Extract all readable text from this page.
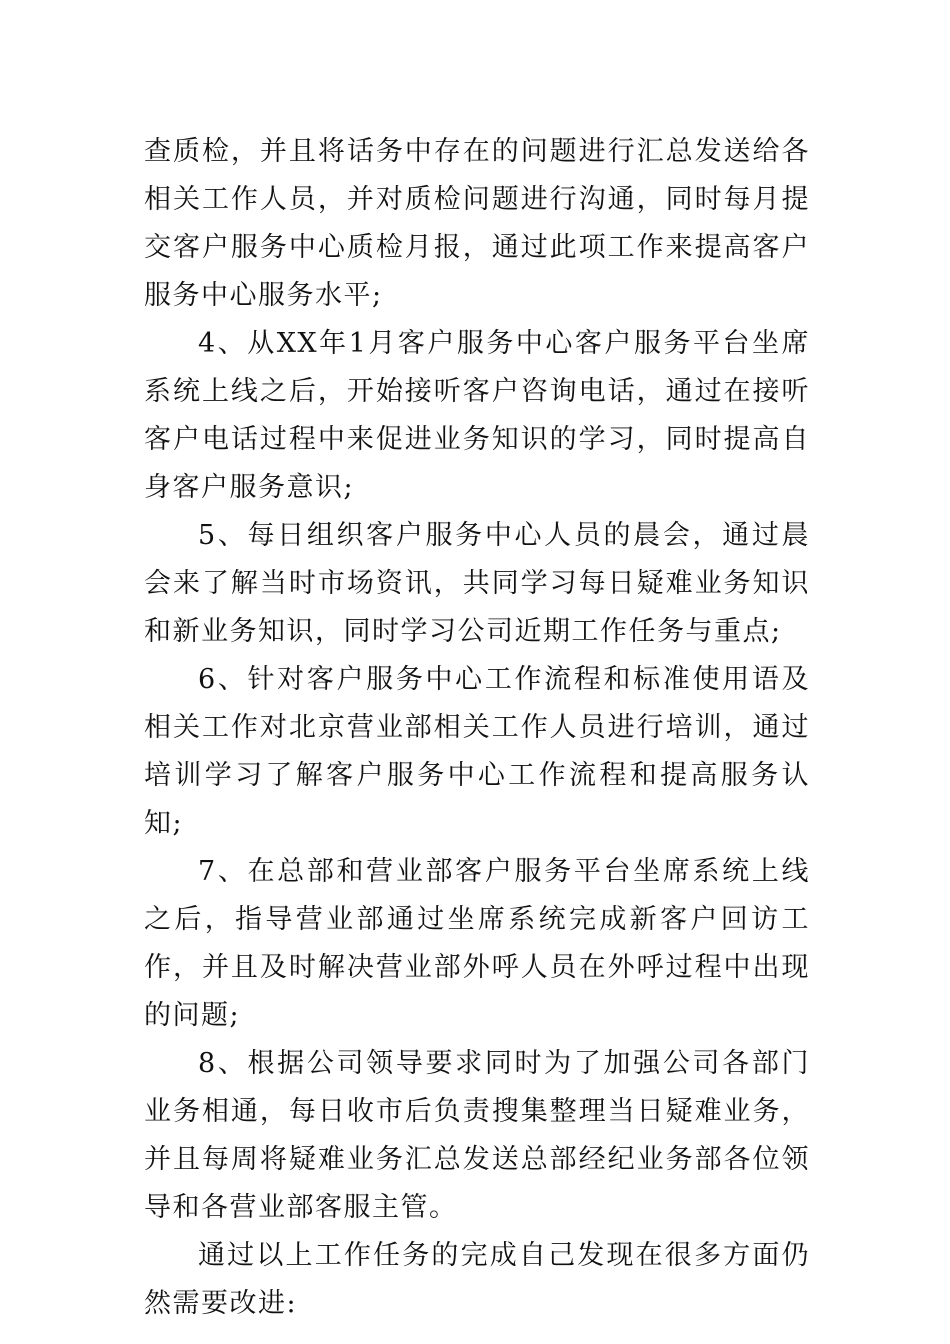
查质检，并且将话务中存在的问题进行汇总发送给各相关工作人员，并对质检问题进行沟通，同时每月提交客户服务中心质检月报，通过此项工作来提高客户服务中心服务水平;

4、从XX年1月客户服务中心客户服务平台坐席系统上线之后，开始接听客户咨询电话，通过在接听客户电话过程中来促进业务知识的学习，同时提高自身客户服务意识;

5、每日组织客户服务中心人员的晨会，通过晨会来了解当时市场资讯，共同学习每日疑难业务知识和新业务知识，同时学习公司近期工作任务与重点;

6、针对客户服务中心工作流程和标准使用语及相关工作对北京营业部相关工作人员进行培训，通过培训学习了解客户服务中心工作流程和提高服务认知;

7、在总部和营业部客户服务平台坐席系统上线之后，指导营业部通过坐席系统完成新客户回访工作，并且及时解决营业部外呼人员在外呼过程中出现的问题;

8、根据公司领导要求同时为了加强公司各部门业务相通，每日收市后负责搜集整理当日疑难业务，并且每周将疑难业务汇总发送总部经纪业务部各位领导和各营业部客服主管。

通过以上工作任务的完成自己发现在很多方面仍然需要改进:
